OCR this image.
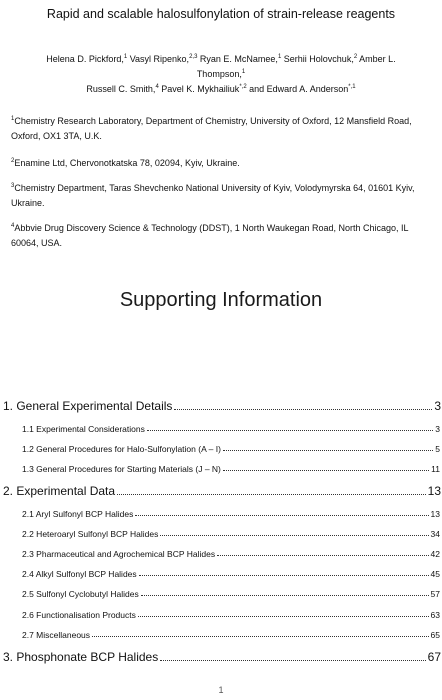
Rapid and scalable halosulfonylation of strain-release reagents
Helena D. Pickford,$^1$ Vasyl Ripenko,$^{2,3}$ Ryan E. McNamee,$^1$ Serhii Holovchuk,$^2$ Amber L. Thompson,$^1$
Russell C. Smith,$^4$ Pavel K. Mykhailiuk$^{*,2}$ and Edward A. Anderson$^{*,1}$
$^1$Chemistry Research Laboratory, Department of Chemistry, University of Oxford, 12 Mansfield Road, Oxford, OX1 3TA, U.K.
$^2$Enamine Ltd, Chervonotkatska 78, 02094, Kyiv, Ukraine.
$^3$Chemistry Department, Taras Shevchenko National University of Kyiv, Volodymyrska 64, 01601 Kyiv, Ukraine.
$^4$Abbvie Drug Discovery Science & Technology (DDST), 1 North Waukegan Road, North Chicago, IL 60064, USA.
Supporting Information
1. General Experimental Details	3
1.1 Experimental Considerations	3
1.2 General Procedures for Halo-Sulfonylation (A – I)	5
1.3 General Procedures for Starting Materials (J – N)	11
2. Experimental Data	13
2.1 Aryl Sulfonyl BCP Halides	13
2.2 Heteroaryl Sulfonyl BCP Halides	34
2.3 Pharmaceutical and Agrochemical BCP Halides	42
2.4 Alkyl Sulfonyl BCP Halides	45
2.5 Sulfonyl Cyclobutyl Halides	57
2.6 Functionalisation Products	63
2.7 Miscellaneous	65
3. Phosphonate BCP Halides	67
1
